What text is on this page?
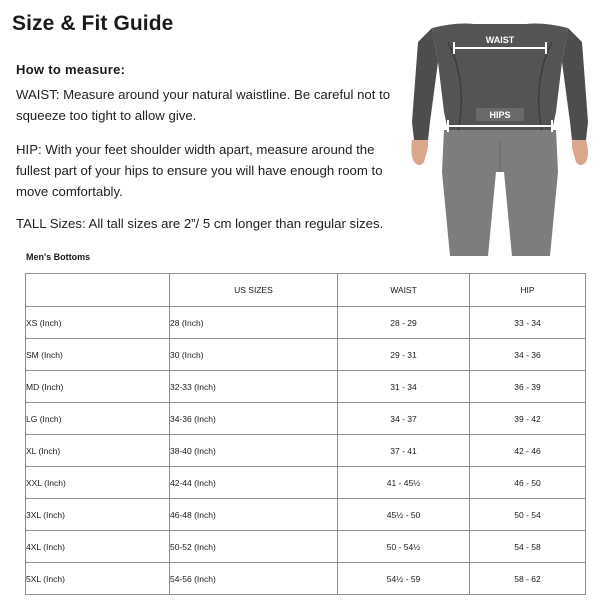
Size & Fit Guide
How to measure:
WAIST: Measure around your natural waistline. Be careful not to squeeze too tight to allow give.
HIP: With your feet shoulder width apart, measure around the fullest part of your hips to ensure you will have enough room to move comfortably.
TALL Sizes: All tall sizes are 2”/ 5 cm longer than regular sizes.
WAIST
HIPS
Men's Bottoms
	US SIZES	WAIST	HIP
XS (Inch)	28 (Inch)	28 - 29	33 - 34
SM (Inch)	30 (Inch)	29 - 31	34 - 36
MD (Inch)	32-33 (Inch)	31 - 34	36 - 39
LG (Inch)	34-36 (Inch)	34 - 37	39 - 42
XL (Inch)	38-40 (Inch)	37 - 41	42 - 46
XXL (Inch)	42-44 (Inch)	41 - 45½	46 - 50
3XL (Inch)	46-48 (Inch)	45½ - 50	50 - 54
4XL (Inch)	50-52 (Inch)	50 - 54½	54 - 58
5XL (Inch)	54-56 (Inch)	54½ - 59	58 - 62
